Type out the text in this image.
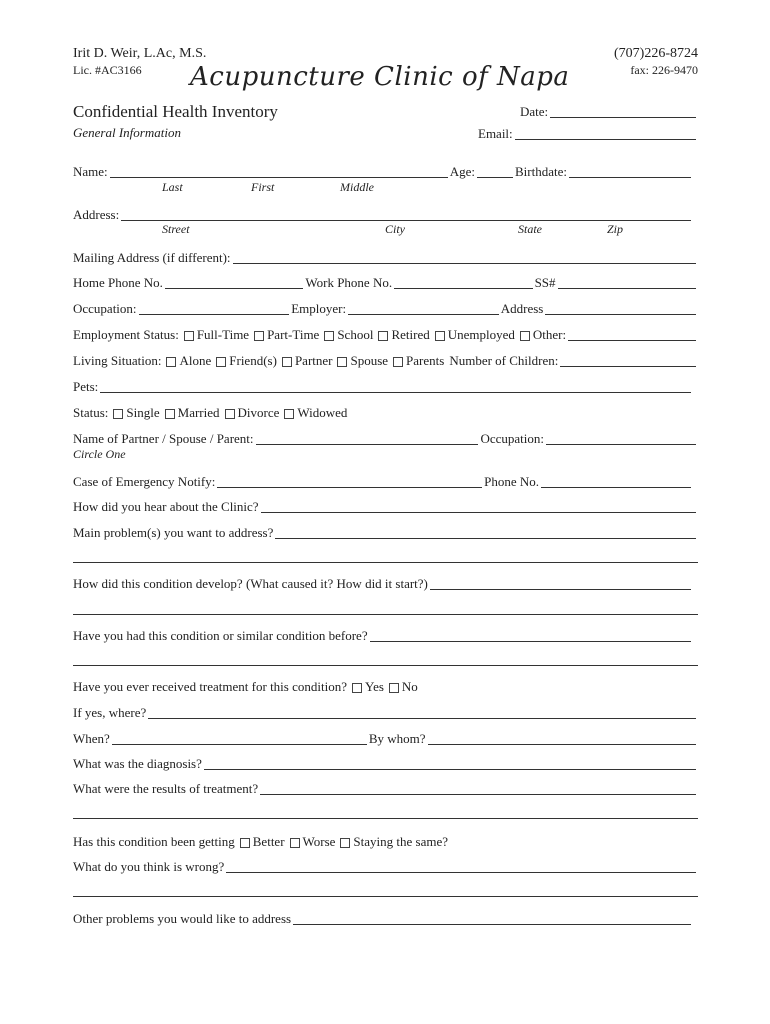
Irit D. Weir, L.Ac, M.S.
Lic. #AC3166 Acupuncture Clinic of Napa
(707)226-8724
fax: 226-9470
Confidential Health Inventory
General Information
Date:
Email:
Name:	Age:	Birthdate:
Last	First	Middle
Address:
Street	City	State	Zip
Mailing Address (if different):
Home Phone No.	Work Phone No.	SS#
Occupation:	Employer:	Address
Employment Status: Full-Time Part-Time School Retired Unemployed Other:
Living Situation: Alone Friend(s) Partner Spouse Parents Number of Children:
Pets:
Status: Single Married Divorce Widowed
Name of Partner / Spouse / Parent:	Occupation:
Circle One
Case of Emergency Notify:	Phone No.
How did you hear about the Clinic?
Main problem(s) you want to address?
How did this condition develop? (What caused it? How did it start?)
Have you had this condition or similar condition before?
Have you ever received treatment for this condition? Yes No
If yes, where?
When?	By whom?
What was the diagnosis?
What were the results of treatment?
Has this condition been getting Better Worse Staying the same?
What do you think is wrong?
Other problems you would like to address
